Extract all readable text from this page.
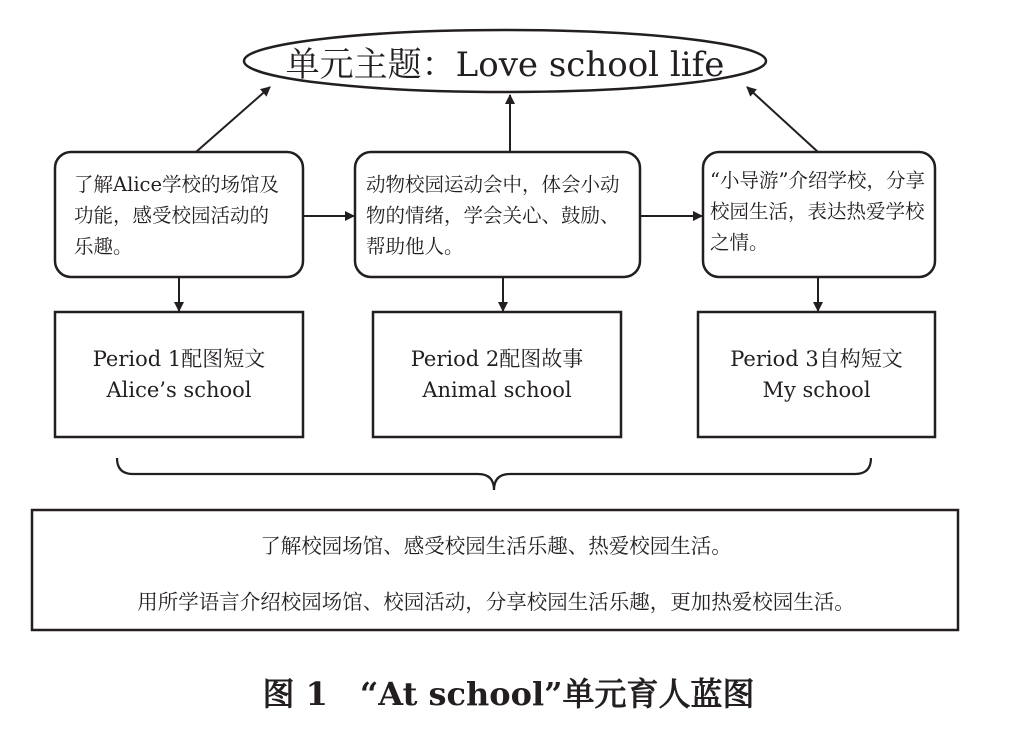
单元主题：Love school life
了解Alice学校的场馆及功能，感受校园活动的乐趣。
动物校园运动会中，体会小动物的情绪，学会关心、鼓励、帮助他人。
“小导游”介绍学校，分享校园生活，表达热爱学校之情。
Period 1配图短文
Alice’s school
Period 2配图故事
Animal school
Period 3自构短文
My school
了解校园场馆、感受校园生活乐趣、热爱校园生活。
用所学语言介绍校园场馆、校园活动，分享校园生活乐趣，更加热爱校园生活。
图 1　“At school”单元育人蓝图
